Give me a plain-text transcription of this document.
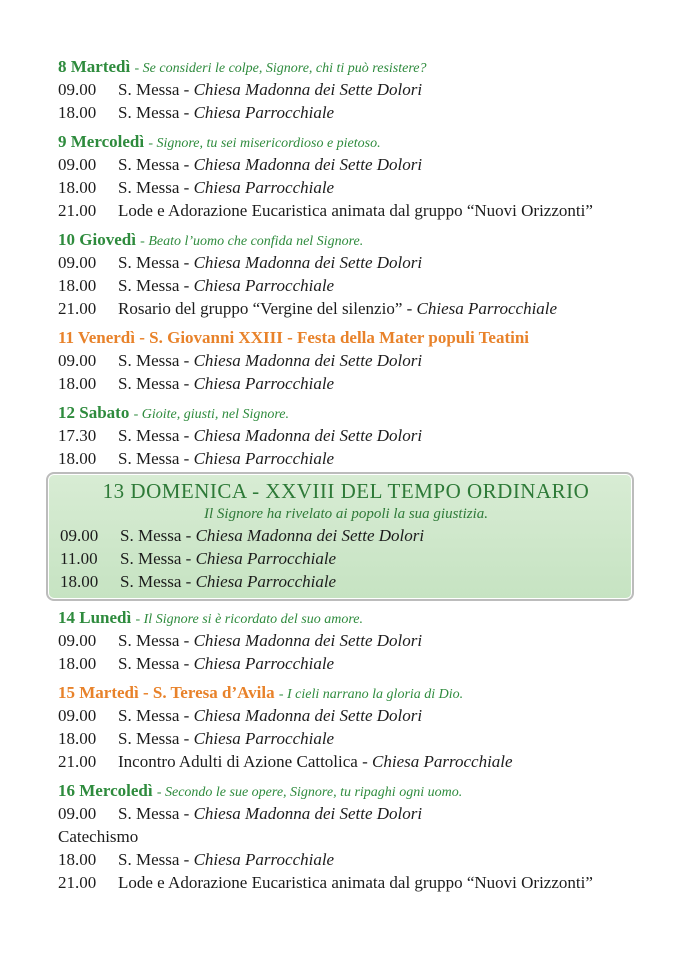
8 Martedì - Se consideri le colpe, Signore, chi ti può resistere?
09.00 S. Messa - Chiesa Madonna dei Sette Dolori
18.00 S. Messa - Chiesa Parrocchiale
9 Mercoledì - Signore, tu sei misericordioso e pietoso.
09.00 S. Messa - Chiesa Madonna dei Sette Dolori
18.00 S. Messa - Chiesa Parrocchiale
21.00 Lode e Adorazione Eucaristica animata dal gruppo “Nuovi Orizzonti”
10 Giovedì - Beato l’uomo che confida nel Signore.
09.00 S. Messa - Chiesa Madonna dei Sette Dolori
18.00 S. Messa - Chiesa Parrocchiale
21.00 Rosario del gruppo “Vergine del silenzio” - Chiesa Parrocchiale
11 Venerdì - S. Giovanni XXIII - Festa della Mater populi Teatini
09.00 S. Messa - Chiesa Madonna dei Sette Dolori
18.00 S. Messa - Chiesa Parrocchiale
12 Sabato - Gioite, giusti, nel Signore.
17.30 S. Messa - Chiesa Madonna dei Sette Dolori
18.00 S. Messa - Chiesa Parrocchiale
13 DOMENICA - XXVIII DEL TEMPO ORDINARIO
Il Signore ha rivelato ai popoli la sua giustizia.
09.00 S. Messa - Chiesa Madonna dei Sette Dolori
11.00 S. Messa - Chiesa Parrocchiale
18.00 S. Messa - Chiesa Parrocchiale
14 Lunedì - Il Signore si è ricordato del suo amore.
09.00 S. Messa - Chiesa Madonna dei Sette Dolori
18.00 S. Messa - Chiesa Parrocchiale
15 Martedì - S. Teresa d’Avila - I cieli narrano la gloria di Dio.
09.00 S. Messa - Chiesa Madonna dei Sette Dolori
18.00 S. Messa - Chiesa Parrocchiale
21.00 Incontro Adulti di Azione Cattolica - Chiesa Parrocchiale
16 Mercoledì - Secondo le sue opere, Signore, tu ripaghi ogni uomo.
09.00 S. Messa - Chiesa Madonna dei Sette Dolori
Catechismo
18.00 S. Messa - Chiesa Parrocchiale
21.00 Lode e Adorazione Eucaristica animata dal gruppo “Nuovi Orizzonti”
